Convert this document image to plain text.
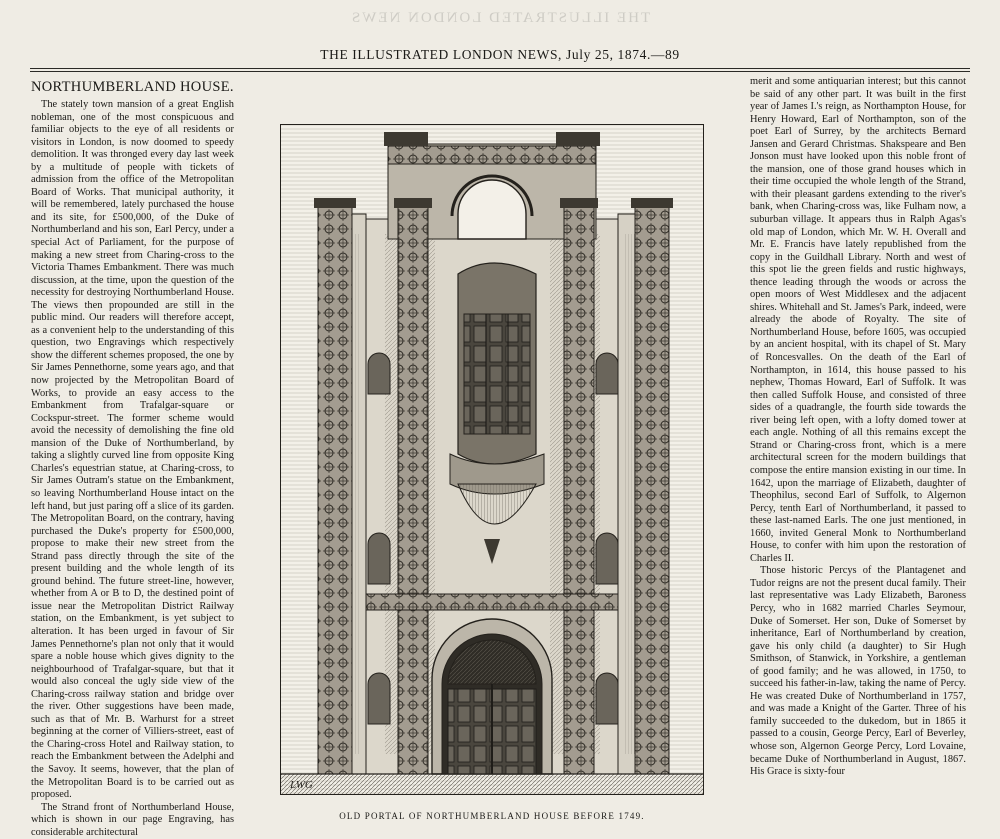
THE ILLUSTRATED LONDON NEWS
THE ILLUSTRATED LONDON NEWS, July 25, 1874.—89
NORTHUMBERLAND HOUSE.

The stately town mansion of a great English nobleman, one of the most conspicuous and familiar objects to the eye of all residents or visitors in London, is now doomed to speedy demolition. It was thronged every day last week by a multitude of people with tickets of admission from the office of the Metropolitan Board of Works. That municipal authority, it will be remembered, lately purchased the house and its site, for £500,000, of the Duke of Northumberland and his son, Earl Percy, under a special Act of Parliament, for the purpose of making a new street from Charing-cross to the Victoria Thames Embankment. There was much discussion, at the time, upon the question of the necessity for destroying Northumberland House. The views then propounded are still in the public mind. Our readers will therefore accept, as a convenient help to the understanding of this question, two Engravings which respectively show the different schemes proposed, the one by Sir James Pennethorne, some years ago, and that now projected by the Metropolitan Board of Works, to provide an easy access to the Embankment from Trafalgar-square or Cockspur-street. The former scheme would avoid the necessity of demolishing the fine old mansion of the Duke of Northumberland, by taking a slightly curved line from opposite King Charles's equestrian statue, at Charing-cross, to Sir James Outram's statue on the Embankment, so leaving Northumberland House intact on the left hand, but just paring off a slice of its garden. The Metropolitan Board, on the contrary, having purchased the Duke's property for £500,000, propose to make their new street from the Strand pass directly through the site of the present building and the whole length of its ground behind. The future street-line, however, whether from A or B to D, the destined point of issue near the Metropolitan District Railway station, on the Embankment, is yet subject to alteration. It has been urged in favour of Sir James Pennethorne's plan not only that it would spare a noble house which gives dignity to the neighbourhood of Trafalgar-square, but that it would also conceal the ugly side view of the Charing-cross railway station and bridge over the river. Other suggestions have been made, such as that of Mr. B. Warhurst for a street beginning at the corner of Villiers-street, east of the Charing-cross Hotel and Railway station, to reach the Embankment between the Adelphi and the Savoy. It seems, however, that the plan of the Metropolitan Board is to be carried out as proposed.

The Strand front of Northumberland House, which is shown in our page Engraving, has considerable architectural

merit and some antiquarian interest; but this cannot be said of any other part. It was built in the first year of James I.'s reign, as Northampton House, for Henry Howard, Earl of Northampton, son of the poet Earl of Surrey, by the architects Bernard Jansen and Gerard Christmas. Shakspeare and Ben Jonson must have looked upon this noble front of the mansion, one of those grand houses which in their time occupied the whole length of the Strand, with their pleasant gardens extending to the river's bank, when Charing-cross was, like Fulham now, a suburban village. It appears thus in Ralph Agas's old map of London, which Mr. W. H. Overall and Mr. E. Francis have lately republished from the copy in the Guildhall Library. North and west of this spot lie the green fields and rustic highways, thence leading through the woods or across the open moors of West Middlesex and the adjacent shires. Whitehall and St. James's Park, indeed, were already the abode of Royalty. The site of Northumberland House, before 1605, was occupied by an ancient hospital, with its chapel of St. Mary of Roncesvalles. On the death of the Earl of Northampton, in 1614, this house passed to his nephew, Thomas Howard, Earl of Suffolk. It was then called Suffolk House, and consisted of three sides of a quadrangle, the fourth side towards the river being left open, with a lofty domed tower at each angle. Nothing of all this remains except the Strand or Charing-cross front, which is a mere architectural screen for the modern buildings that compose the entire mansion existing in our time. In 1642, upon the marriage of Elizabeth, daughter of Theophilus, second Earl of Suffolk, to Algernon Percy, tenth Earl of Northumberland, it passed to these last-named Earls. The one just mentioned, in 1660, invited General Monk to Northumberland House, to confer with him upon the restoration of Charles II.

Those historic Percys of the Plantagenet and Tudor reigns are not the present ducal family. Their last representative was Lady Elizabeth, Baroness Percy, who in 1682 married Charles Seymour, Duke of Somerset. Her son, Duke of Somerset by inheritance, Earl of Northumberland by creation, gave his only child (a daughter) to Sir Hugh Smithson, of Stanwick, in Yorkshire, a gentleman of good family; and he was allowed, in 1750, to succeed his father-in-law, taking the name of Percy. He was created Duke of Northumberland in 1757, and was made a Knight of the Garter. Three of his family succeeded to the dukedom, but in 1865 it passed to a cousin, George Percy, Earl of Beverley, whose son, Algernon George Percy, Lord Lovaine, became Duke of Northumberland in August, 1867. His Grace is sixty-four

LWG
OLD PORTAL OF NORTHUMBERLAND HOUSE BEFORE 1749.
